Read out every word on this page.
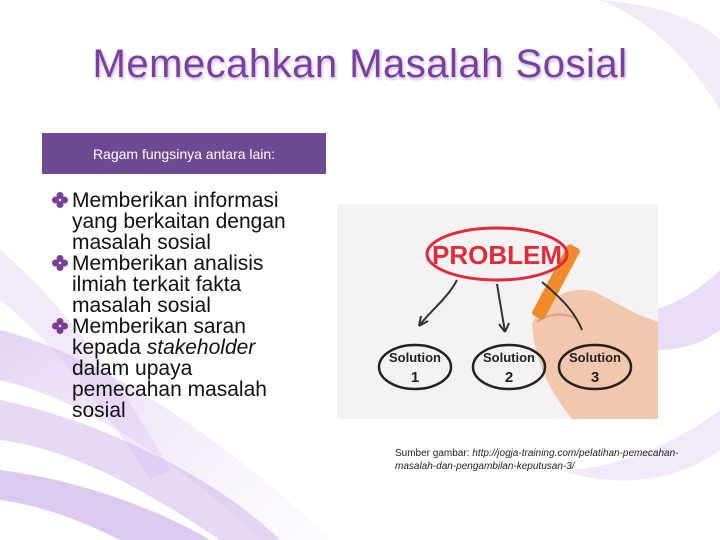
Memecahkan Masalah Sosial
Ragam fungsinya antara lain:
Memberikan informasi
yang berkaitan dengan
masalah sosial
Memberikan analisis
ilmiah terkait fakta
masalah sosial
Memberikan saran
kepada stakeholder
dalam upaya
pemecahan masalah
sosial
PROBLEM
Solution
1
Solution
2
Solution
3
Sumber gambar: http://jogja-training.com/pelatihan-pemecahan-masalah-dan-pengambilan-keputusan-3/
